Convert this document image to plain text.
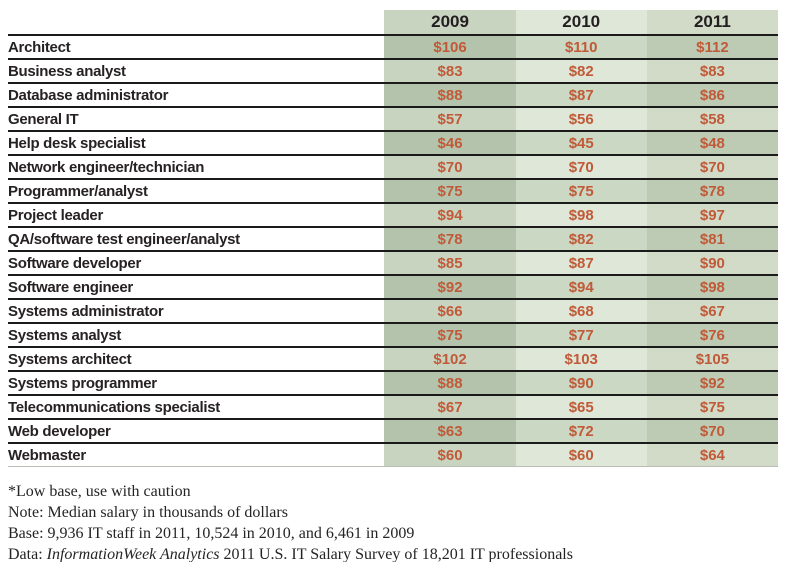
	2009	2010	2011
Architect	$106	$110	$112
Business analyst	$83	$82	$83
Database administrator	$88	$87	$86
General IT	$57	$56	$58
Help desk specialist	$46	$45	$48
Network engineer/technician	$70	$70	$70
Programmer/analyst	$75	$75	$78
Project leader	$94	$98	$97
QA/software test engineer/analyst	$78	$82	$81
Software developer	$85	$87	$90
Software engineer	$92	$94	$98
Systems administrator	$66	$68	$67
Systems analyst	$75	$77	$76
Systems architect	$102	$103	$105
Systems programmer	$88	$90	$92
Telecommunications specialist	$67	$65	$75
Web developer	$63	$72	$70
Webmaster	$60	$60	$64
*Low base, use with caution
Note: Median salary in thousands of dollars
Base: 9,936 IT staff in 2011, 10,524 in 2010, and 6,461 in 2009
Data: InformationWeek Analytics 2011 U.S. IT Salary Survey of 18,201 IT professionals
